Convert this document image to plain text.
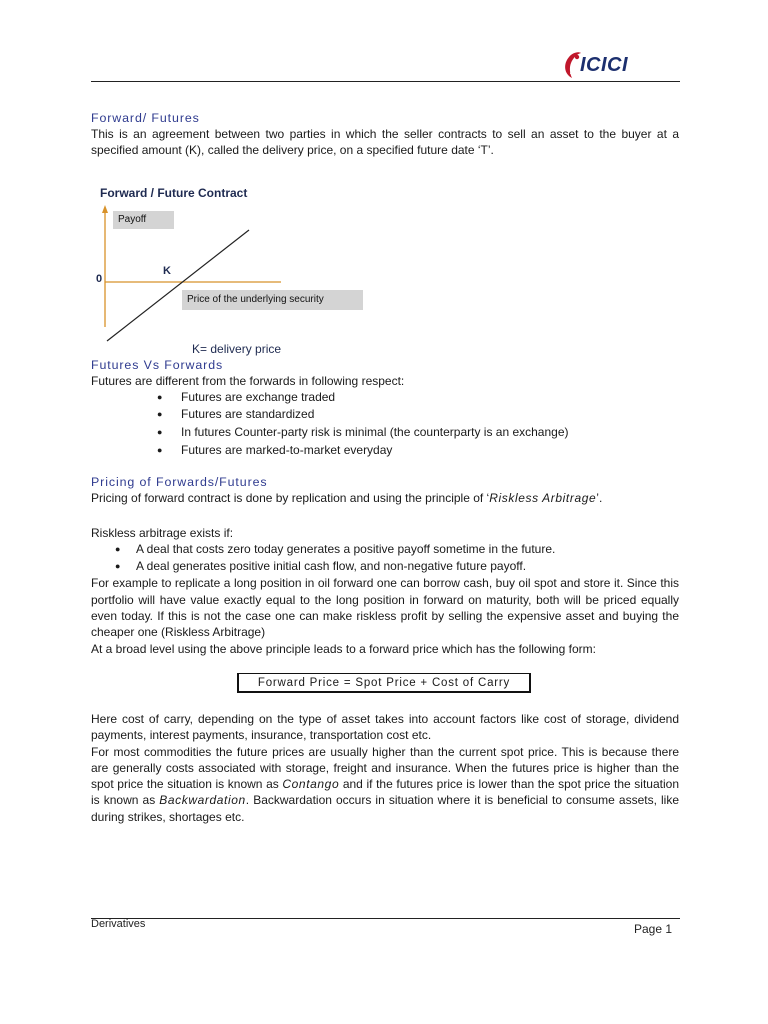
ICICI

Forward/ Futures

This is an agreement between two parties in which the seller contracts to sell an asset to the buyer at a specified amount (K), called the delivery price, on a specified future date ‘T’.

Forward / Future Contract
Payoff
0
K
Price of the underlying security
K= delivery price

Futures Vs Forwards

Futures are different from the forwards in following respect:

● Futures are exchange traded
● Futures are standardized
● In futures Counter-party risk is minimal (the counterparty is an exchange)
● Futures are marked-to-market everyday

Pricing of Forwards/Futures

Pricing of forward contract is done by replication and using the principle of ‘Riskless Arbitrage’.

Riskless arbitrage exists if:

● A deal that costs zero today generates a positive payoff sometime in the future.
● A deal generates positive initial cash flow, and non-negative future payoff.

For example to replicate a long position in oil forward one can borrow cash, buy oil spot and store it. Since this portfolio will have value exactly equal to the long position in forward on maturity, both will be priced equally even today. If this is not the case one can make riskless profit by selling the expensive asset and buying the cheaper one (Riskless Arbitrage)

At a broad level using the above principle leads to a forward price which has the following form:

Forward Price = Spot Price + Cost of Carry

Here cost of carry, depending on the type of asset takes into account factors like cost of storage, dividend payments, interest payments, insurance, transportation cost etc.

For most commodities the future prices are usually higher than the current spot price. This is because there are generally costs associated with storage, freight and insurance. When the futures price is higher than the spot price the situation is known as Contango and if the futures price is lower than the spot price the situation is known as Backwardation. Backwardation occurs in situation where it is beneficial to consume assets, like during strikes, shortages etc.

Derivatives	Page 1
